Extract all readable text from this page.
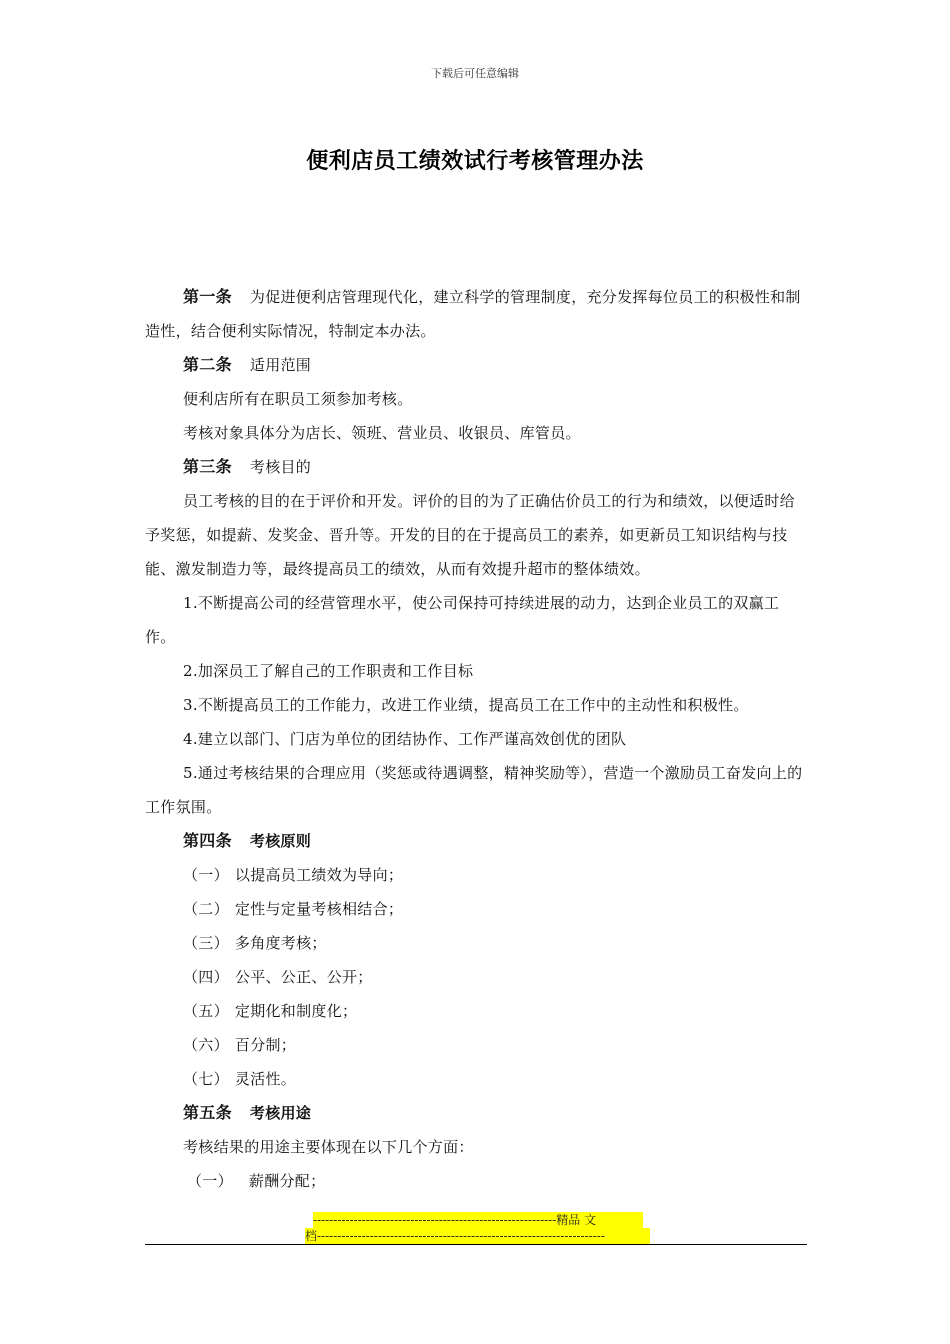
下载后可任意编辑
便利店员工绩效试行考核管理办法

第一条 为促进便利店管理现代化，建立科学的管理制度，充分发挥每位员工的积极性和制造性，结合便利实际情况，特制定本办法。

第二条 适用范围

便利店所有在职员工须参加考核。

考核对象具体分为店长、领班、营业员、收银员、库管员。

第三条 考核目的

员工考核的目的在于评价和开发。评价的目的为了正确估价员工的行为和绩效，以便适时给予奖惩，如提薪、发奖金、晋升等。开发的目的在于提高员工的素养，如更新员工知识结构与技能、激发制造力等，最终提高员工的绩效，从而有效提升超市的整体绩效。

1.不断提高公司的经营管理水平，使公司保持可持续进展的动力，达到企业员工的双赢工作。

2.加深员工了解自己的工作职责和工作目标

3.不断提高员工的工作能力，改进工作业绩，提高员工在工作中的主动性和积极性。

4.建立以部门、门店为单位的团结协作、工作严谨高效创优的团队

5.通过考核结果的合理应用（奖惩或待遇调整，精神奖励等），营造一个激励员工奋发向上的工作氛围。

第四条 考核原则

（一） 以提高员工绩效为导向；

（二） 定性与定量考核相结合；

（三） 多角度考核；

（四） 公平、公正、公开；

（五） 定期化和制度化；

（六） 百分制；

（七） 灵活性。

第五条 考核用途

考核结果的用途主要体现在以下几个方面：

（一） 薪酬分配；

------------------------------------------------------------精品 文
档-----------------------------------------------------------------------
